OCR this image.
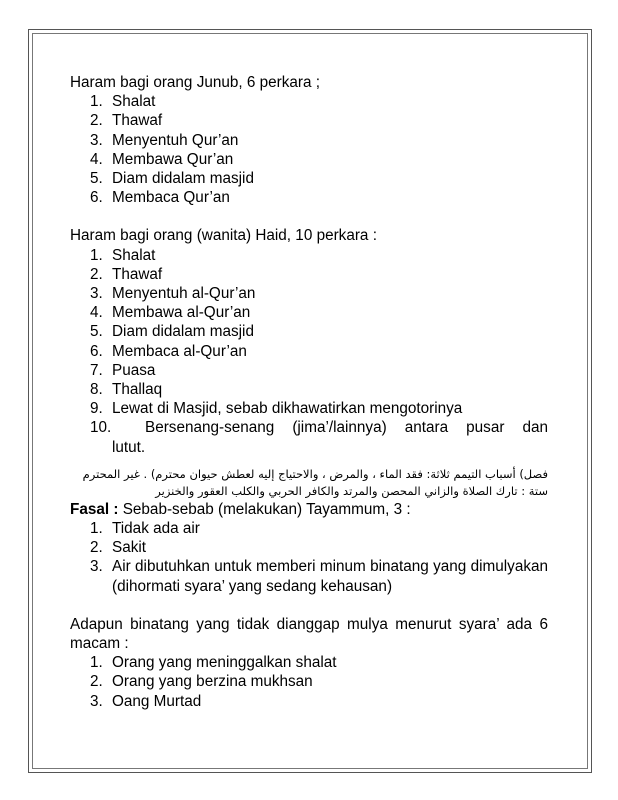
Haram bagi orang Junub, 6 perkara ;

1. Shalat
2. Thawaf
3. Menyentuh Qur’an
4. Membawa Qur’an
5. Diam didalam masjid
6. Membaca Qur’an

Haram bagi orang (wanita) Haid, 10 perkara :

1. Shalat
2. Thawaf
3. Menyentuh al-Qur’an
4. Membawa al-Qur’an
5. Diam didalam masjid
6. Membaca al-Qur’an
7. Puasa
8. Thallaq
9. Lewat di Masjid, sebab dikhawatirkan mengotorinya
10.	Bersenang-senang (jima’/lainnya) antara pusar dan
lutut.
فصل) أسباب التيمم ثلاثة: فقد الماء ، والمرض ، والاحتياج إليه لعطش حيوان محترم) . غير المحترم ستة : تارك الصلاة والزاني المحصن والمرتد والكافر الحربي والكلب العقور والخنزير

Fasal : Sebab-sebab (melakukan) Tayammum, 3 :

1. Tidak ada air
2. Sakit
3. Air dibutuhkan untuk memberi minum binatang yang dimulyakan (dihormati syara’ yang sedang kehausan)

Adapun binatang yang tidak dianggap mulya menurut syara’ ada 6 macam :

1. Orang yang meninggalkan shalat
2. Orang yang berzina mukhsan
3. Oang Murtad
